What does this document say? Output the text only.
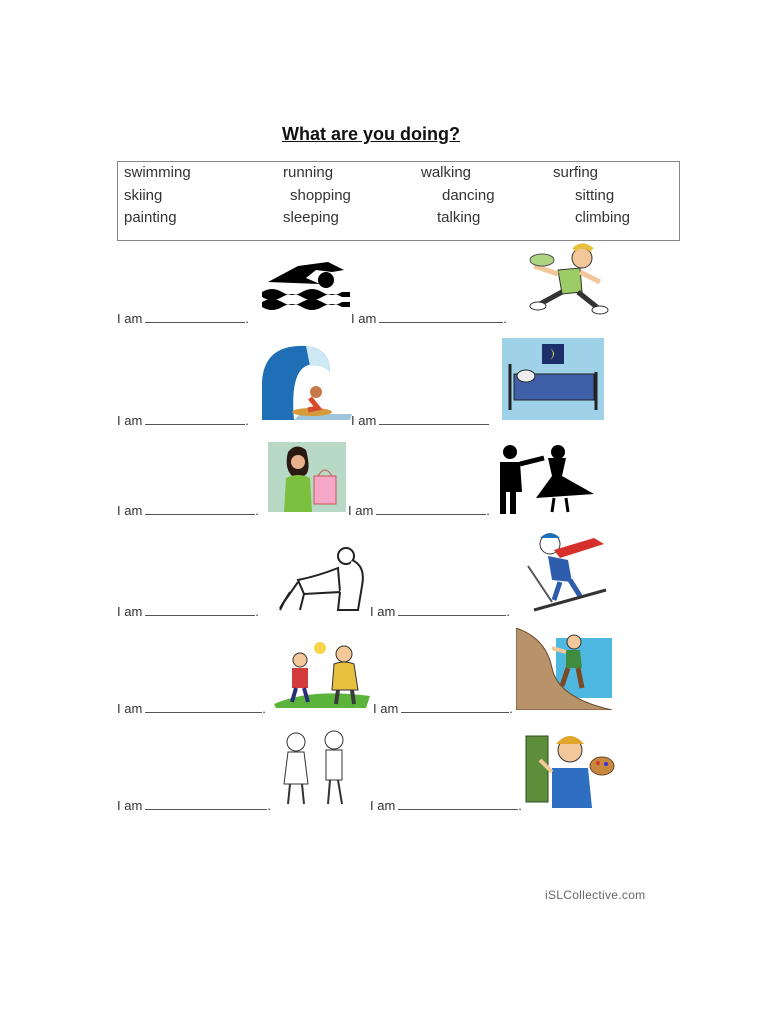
What are you doing?
swimming	running	walking	surfing
skiing	shopping	dancing	sitting
painting	sleeping	talking	climbing
I am	.	I am	.
I am	.	I am
I am	.	I am	.
I am	.	I am	.
I am	.	I am	.
I am	.	I am	.
iSLCollective.com
